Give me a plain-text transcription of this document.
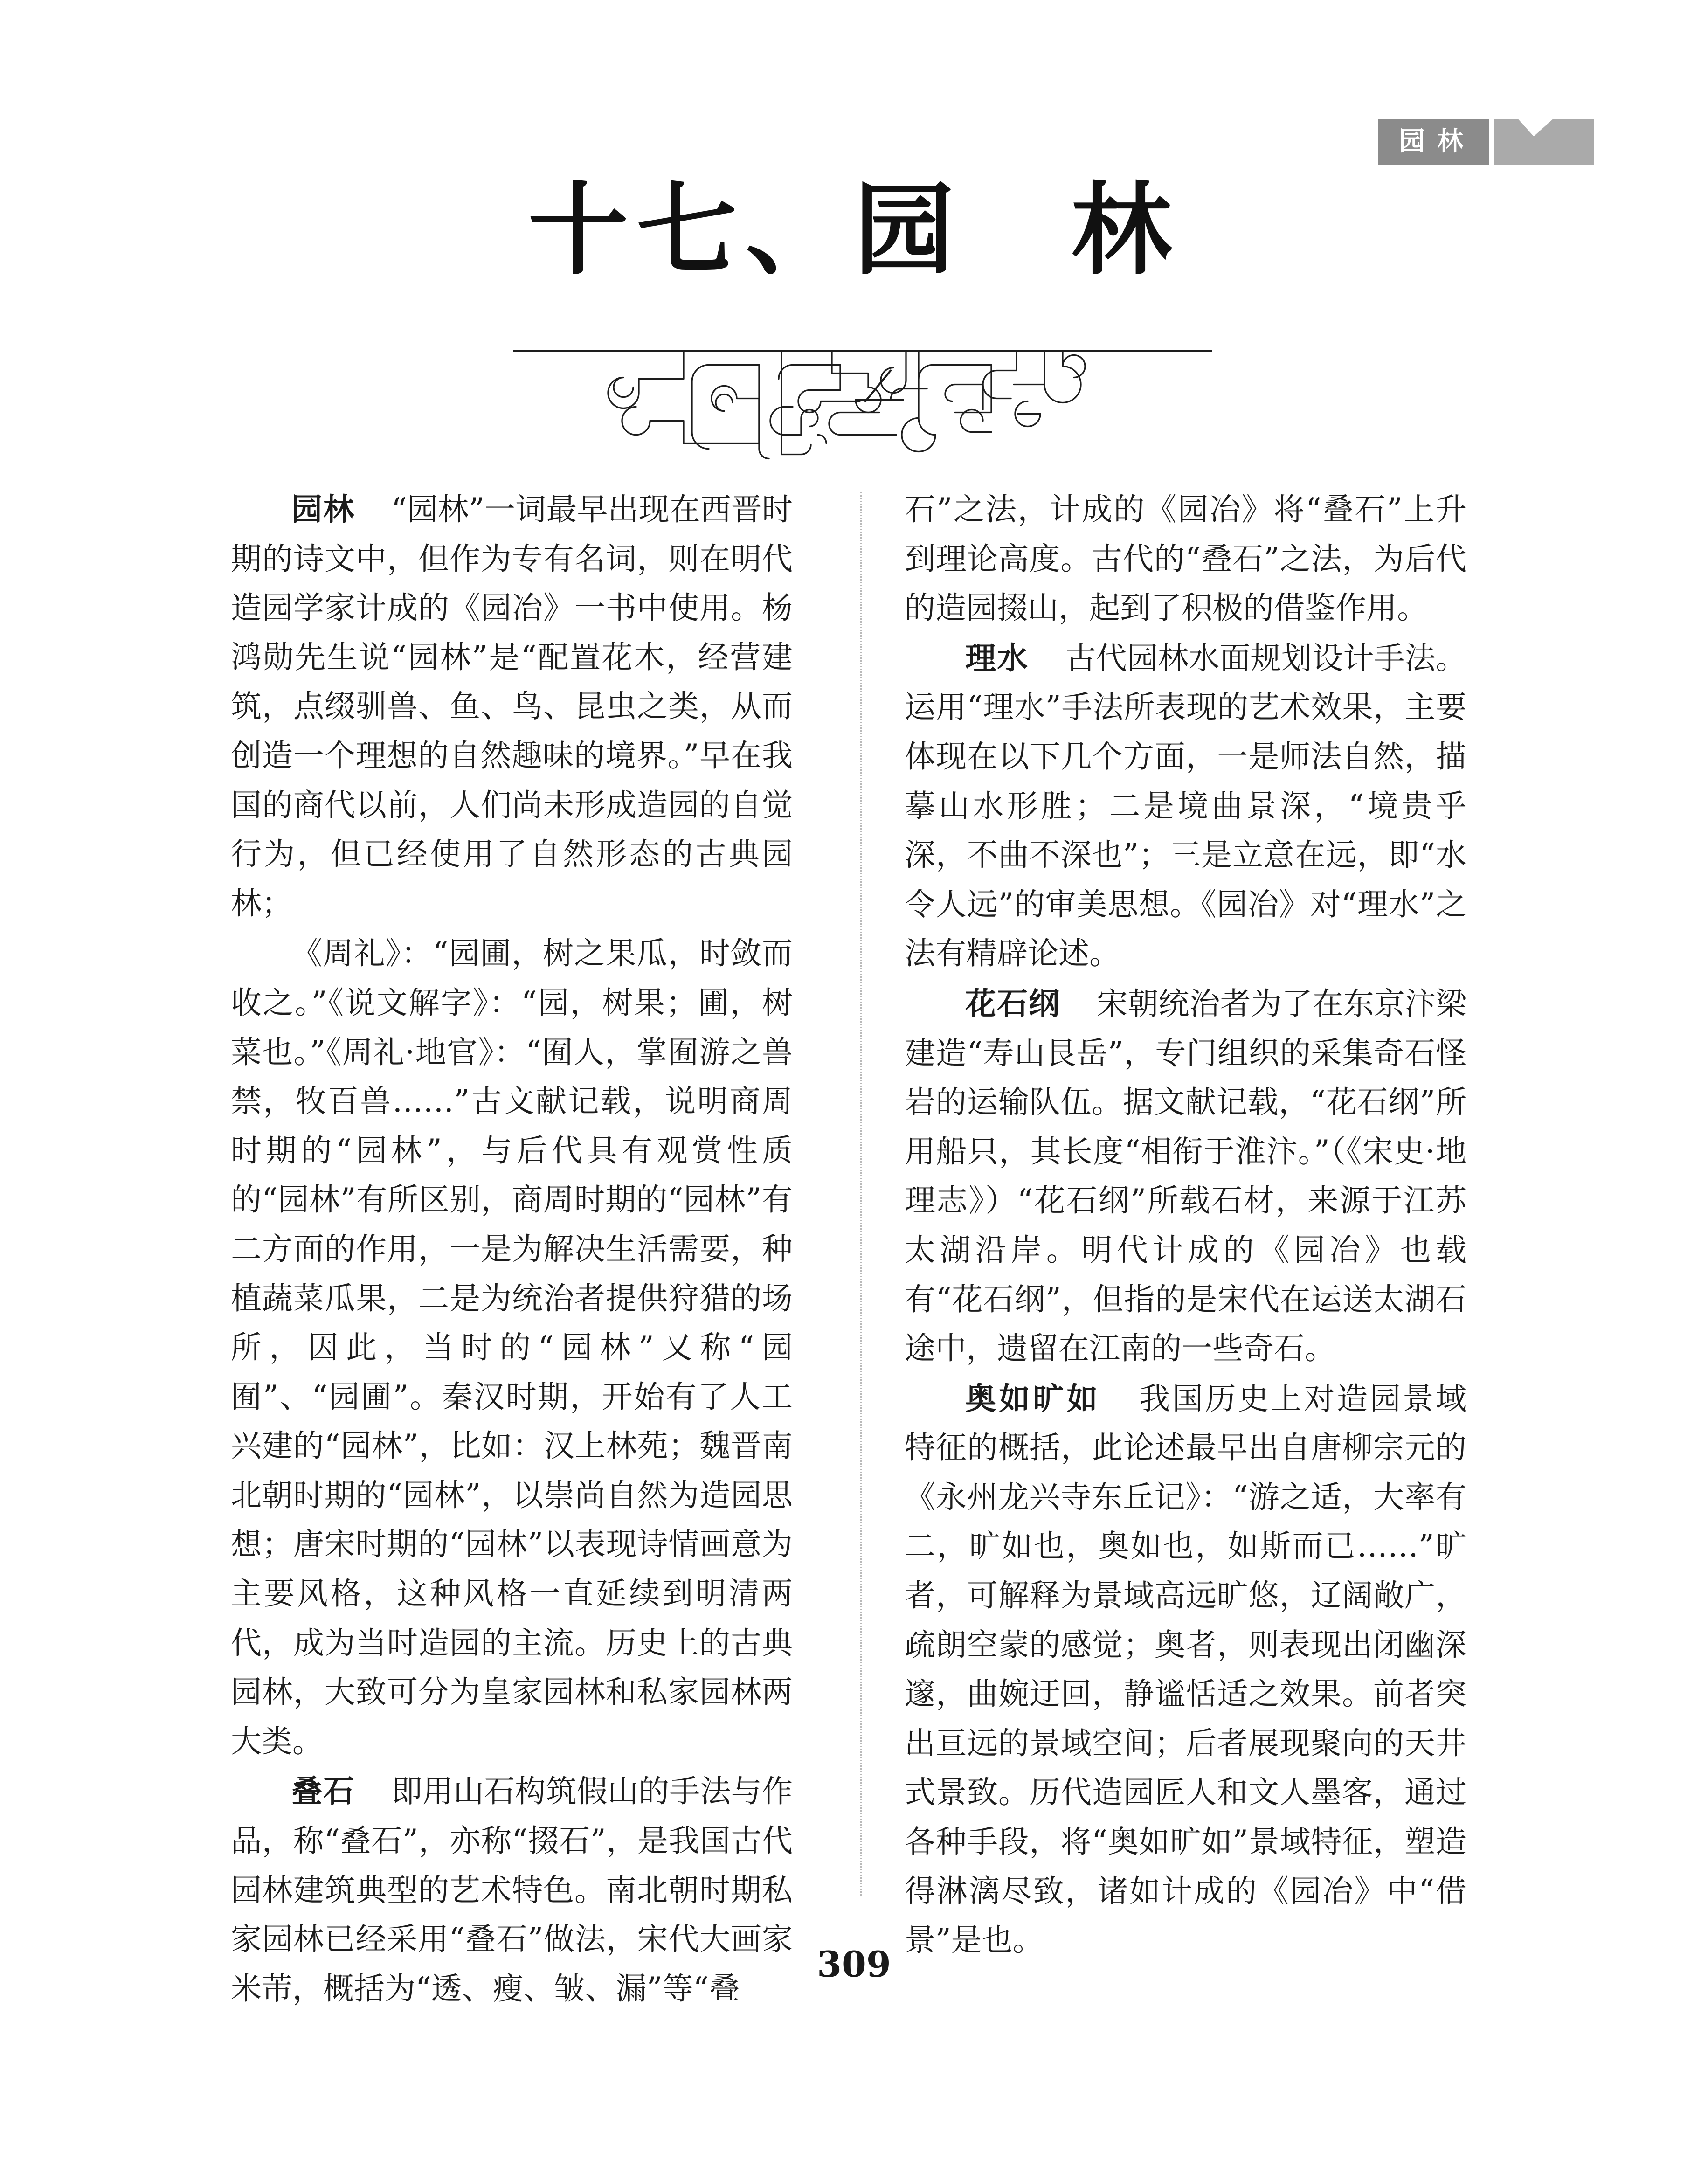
园林
十七、园　林

园林 “园林”一词最早出现在西晋时期的诗文中，但作为专有名词，则在明代造园学家计成的《园冶》一书中使用。杨鸿勋先生说“园林”是“配置花木，经营建筑，点缀驯兽、鱼、鸟、昆虫之类，从而创造一个理想的自然趣味的境界。”早在我国的商代以前，人们尚未形成造园的自觉行为，但已经使用了自然形态的古典园林；

《周礼》：“园圃，树之果瓜，时敛而收之。”《说文解字》：“园，树果；圃，树菜也。”《周礼·地官》：“囿人，掌囿游之兽禁，牧百兽……”古文献记载，说明商周时期的“园林”，与后代具有观赏性质的“园林”有所区别，商周时期的“园林”有二方面的作用，一是为解决生活需要，种植蔬菜瓜果，二是为统治者提供狩猎的场所，因此，当时的“园林”又称“园囿”、“园圃”。秦汉时期，开始有了人工兴建的“园林”，比如：汉上林苑；魏晋南北朝时期的“园林”，以崇尚自然为造园思想；唐宋时期的“园林”以表现诗情画意为主要风格，这种风格一直延续到明清两代，成为当时造园的主流。历史上的古典园林，大致可分为皇家园林和私家园林两大类。

叠石 即用山石构筑假山的手法与作品，称“叠石”，亦称“掇石”，是我国古代园林建筑典型的艺术特色。南北朝时期私家园林已经采用“叠石”做法，宋代大画家米芾，概括为“透、瘦、皱、漏”等“叠

石”之法，计成的《园冶》将“叠石”上升到理论高度。古代的“叠石”之法，为后代的造园掇山，起到了积极的借鉴作用。

理水 古代园林水面规划设计手法。运用“理水”手法所表现的艺术效果，主要体现在以下几个方面，一是师法自然，描摹山水形胜；二是境曲景深，“境贵乎深，不曲不深也”；三是立意在远，即“水令人远”的审美思想。《园冶》对“理水”之法有精辟论述。

花石纲 宋朝统治者为了在东京汴梁建造“寿山艮岳”，专门组织的采集奇石怪岩的运输队伍。据文献记载，“花石纲”所用船只，其长度“相衔于淮汴。”（《宋史·地理志》）“花石纲”所载石材，来源于江苏太湖沿岸。明代计成的《园冶》也载有“花石纲”，但指的是宋代在运送太湖石途中，遗留在江南的一些奇石。

奥如旷如 我国历史上对造园景域特征的概括，此论述最早出自唐柳宗元的《永州龙兴寺东丘记》：“游之适，大率有二，旷如也，奥如也，如斯而已……”旷者，可解释为景域高远旷悠，辽阔敞广，疏朗空蒙的感觉；奥者，则表现出闭幽深邃，曲婉迂回，静谧恬适之效果。前者突出亘远的景域空间；后者展现聚向的天井式景致。历代造园匠人和文人墨客，通过各种手段，将“奥如旷如”景域特征，塑造得淋漓尽致，诸如计成的《园冶》中“借景”是也。

309
